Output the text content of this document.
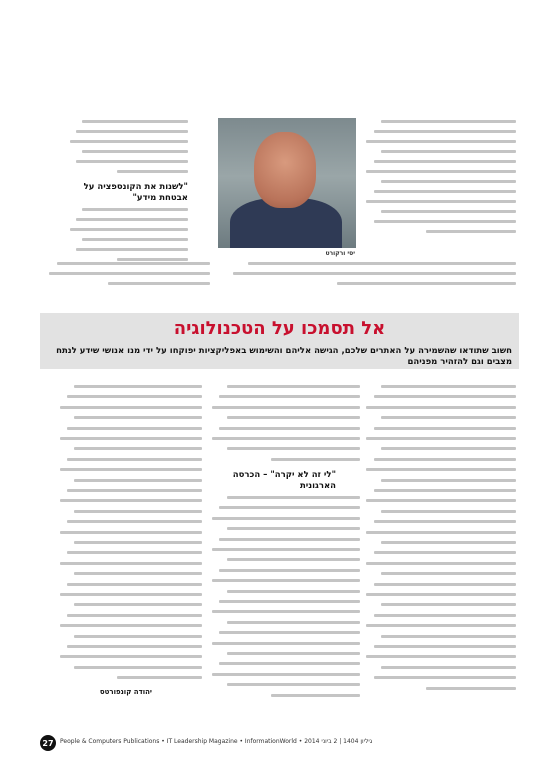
"לשנות את הקונספציה על אבטחת מידע"
יסי ורקורט
אל תסמכו על הטכנולוגיה
חשוב שתודאו שהשמירה על האתרים שלכם, הגישה אליהם והשימוש באפליקציות יפוקחו על ידי מנו אנושי שידע לנתח מצבים וגם להזהיר מפניהם
"לי זה לא יקרה" – הכרסה הארגונית
יהודה קונפורטס
27	People & Computers Publications • IT Leadership Magazine • InformationWorld • 2014 גיליון 1404 | 2 ביוני
